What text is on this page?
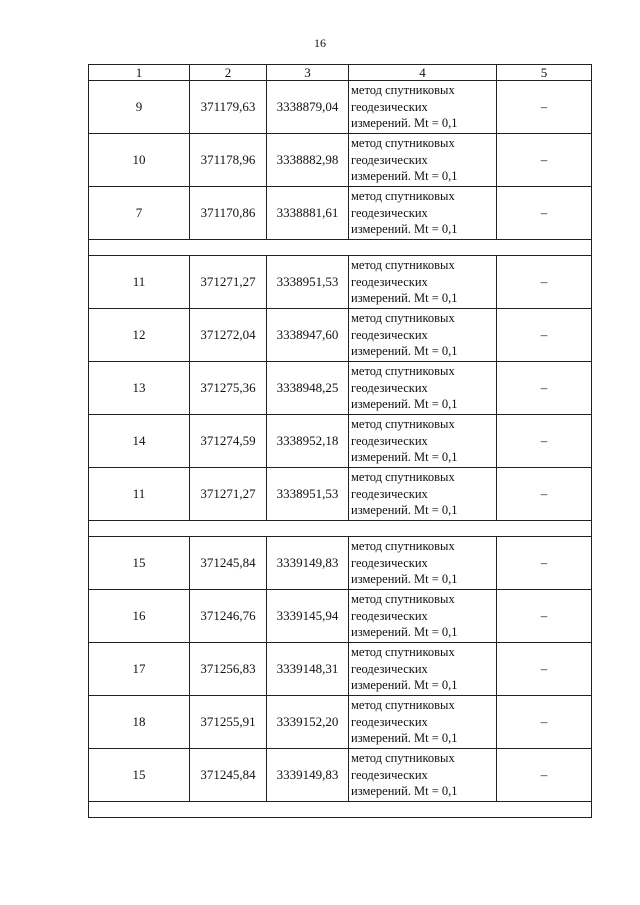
16
1	2	3	4	5
9	371179,63	3338879,04	метод спутниковых
геодезических
измерений. Mt = 0,1	–
10	371178,96	3338882,98	метод спутниковых
геодезических
измерений. Mt = 0,1	–
7	371170,86	3338881,61	метод спутниковых
геодезических
измерений. Mt = 0,1	–

11	371271,27	3338951,53	метод спутниковых
геодезических
измерений. Mt = 0,1	–
12	371272,04	3338947,60	метод спутниковых
геодезических
измерений. Mt = 0,1	–
13	371275,36	3338948,25	метод спутниковых
геодезических
измерений. Mt = 0,1	–
14	371274,59	3338952,18	метод спутниковых
геодезических
измерений. Mt = 0,1	–
11	371271,27	3338951,53	метод спутниковых
геодезических
измерений. Mt = 0,1	–

15	371245,84	3339149,83	метод спутниковых
геодезических
измерений. Mt = 0,1	–
16	371246,76	3339145,94	метод спутниковых
геодезических
измерений. Mt = 0,1	–
17	371256,83	3339148,31	метод спутниковых
геодезических
измерений. Mt = 0,1	–
18	371255,91	3339152,20	метод спутниковых
геодезических
измерений. Mt = 0,1	–
15	371245,84	3339149,83	метод спутниковых
геодезических
измерений. Mt = 0,1	–
